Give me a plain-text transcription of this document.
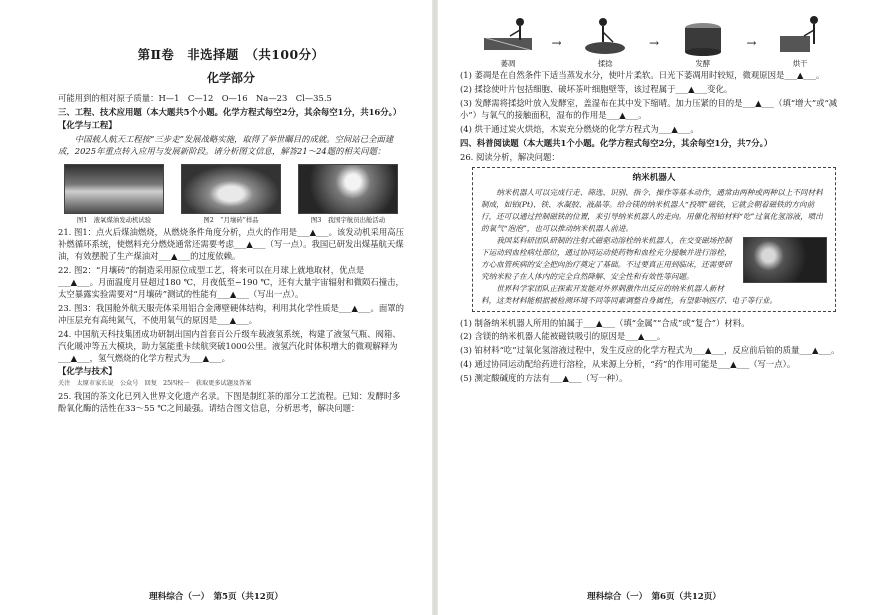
第Ⅱ卷　非选择题　（共100分）
化学部分
可能用到的相对原子质量：H—1　C—12　O—16　Na—23　Cl—35.5
三、工程、技术应用题（本大题共5个小题。化学方程式每空2分，其余每空1分，共16分。）
【化学与工程】
中国载人航天工程按“三步走”发展战略实施，取得了举世瞩目的成就。空间站已全面建成，2025年重点转入应用与发展新阶段。请分析图文信息，解答21～24题的相关问题：
图1　液氧煤油发动机试验	图2　“月壤砖”样品	图3　我国宇航员出舱活动
21. 图1：点火后煤油燃烧，从燃烧条件角度分析，点火的作用是___▲___。该发动机采用高压补燃循环系统，使燃料充分燃烧通常还需要考虑___▲___（写一点）。我国已研发出煤基航天煤油，有效摆脱了生产煤油对___▲___的过度依赖。
22. 图2：“月壤砖”的制造采用原位成型工艺，将来可以在月球上就地取材，优点是___▲___。月面温度月昼超过180 ℃，月夜低至−190 ℃，还有大量宇宙辐射和微陨石撞击，太空暴露实验需要对“月壤砖”测试的性能有___▲___（写出一点）。
23. 图3：我国舱外航天服壳体采用铝合金薄壁硬体结构，利用其化学性质是___▲___。面罩的冲压层充有高纯氮气，不使用氧气的原因是___▲___。
24. 中国航天科技集团成功研制出国内首套百公斤级车载液氢系统，构建了液氢气瓶、阀箱、汽化暖冲等五大模块，助力氢能重卡续航突破1000公里。液氢汽化时体积增大的微观解释为___▲___，氢气燃烧的化学方程式为___▲___。
【化学与技术】
关注　太原市家长说　公众号　回复　25四校一　获取更多试题及答案
25. 我国的茶文化已列入世界文化遗产名录。下图是制红茶的部分工艺流程。已知：发酵时多酚氧化酶的活性在33～55 ℃之间最强。请结合图文信息，分析思考，解决问题：
理科综合（一）　第5页（共12页）
萎凋
→
揉捻
→
发酵
→
烘干
(1) 萎凋是在自然条件下适当蒸发水分，使叶片柔软。日光下萎凋用时较短，微观原因是___▲___。
(2) 揉捻使叶片包括细胞、破坏茶叶细胞壁等，该过程属于___▲___变化。
(3) 发酵需将揉捻叶放入发酵室，盖湿布在其中发下缩晴。加力压紧的目的是___▲___（填“增大”或“减小”）与氧气的接触面积，湿布的作用是___▲___。
(4) 烘干通过炭火烘焙，木炭充分燃烧的化学方程式为___▲___。
四、科普阅读题（本大题共1个小题。化学方程式每空2分，其余每空1分，共7分。）
26. 阅读分析，解决问题：
纳米机器人
纳米机器人可以完成行走、筛选、识别、指令、操作等基本动作，通常由两种或两种以上不同材料制成，如铂(Pt)、铁、水凝胶、液晶等。给合镁的纳米机器人“投喂”磁铁，它就会朝着磁铁的方向前行，还可以通过控制磁铁的位置，来引导纳米机器人的走向。用催化剂铂材料“吃”过氧化氢溶液，喷出的氧气“泡泡”，也可以推动纳米机器人前进。
我国某科研团队研制的注射式磁驱动溶栓纳米机器人，在交变磁场控制下运动到血栓病灶部位，通过协同运动使药物和血栓充分接触并进行溶栓，方心血管疾病的安全把向治疗奠定了基础。不过要真正用到临床，还需要研究纳米粒子在人体内的完全自然降解、安全性和有效性等问题。
世界科学家团队正探索开发能对外界刺激作出反应的纳米机器人新材料，这类材料能根据被检测环境不同等同素调整自身属性，有望影响医疗、电子等行业。
(1) 制备纳米机器人所用的铂属于___▲___（填“金属”“合成”或“复合”）材料。
(2) 含镁的纳米机器人能被磁铁吸引的原因是___▲___。
(3) 铂材料“吃”过氧化氢溶液过程中，发生反应的化学方程式为___▲___，反应前后铂的质量___▲___。
(4) 通过协同运动配给药进行溶栓，从来源上分析，“药”的作用可能是___▲___（写一点）。
(5) 测定酸碱度的方法有___▲___（写一种）。
理科综合（一）　第6页（共12页）
